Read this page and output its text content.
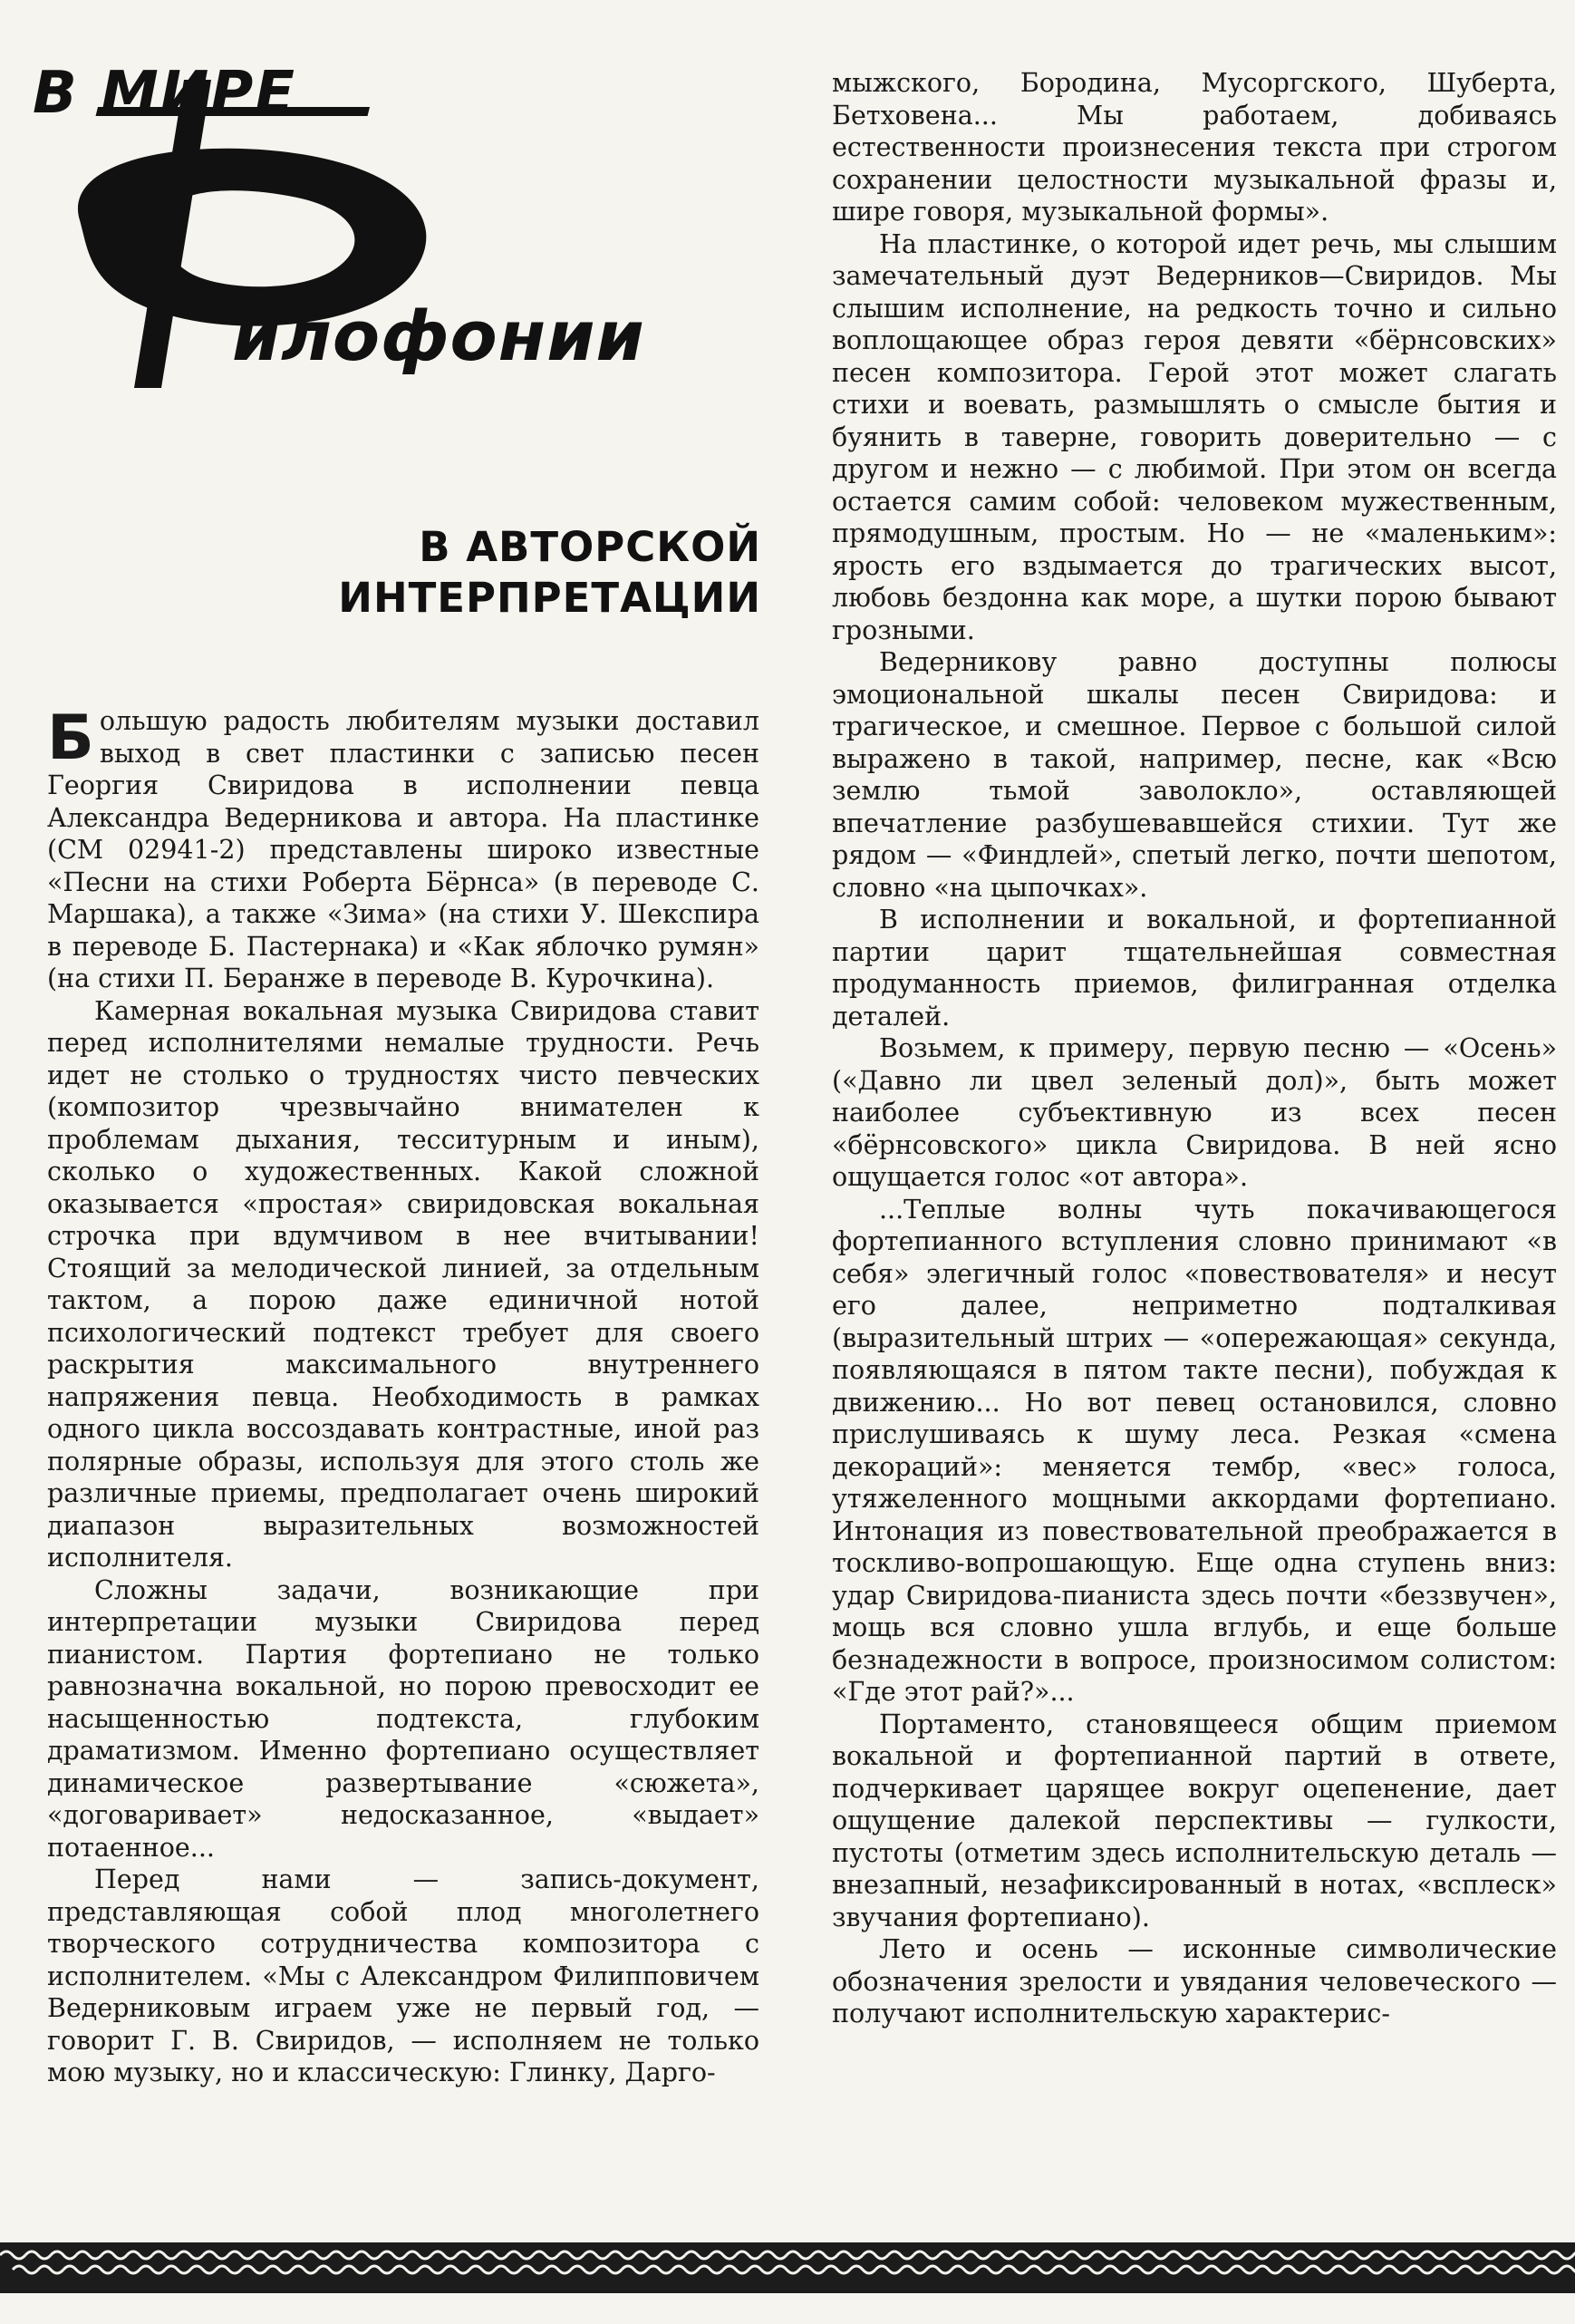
В МИРЕ
илофонии
В АВТОРСКОЙ
ИНТЕРПРЕТАЦИИ

Большую радость любителям музыки доставил выход в свет пластинки с записью песен Георгия Свиридова в исполнении певца Александра Ведерникова и автора. На пластинке (СМ 02941-2) представлены широко известные «Песни на стихи Роберта Бёрнса» (в переводе С. Маршака), а также «Зима» (на стихи У. Шекспира в переводе Б. Пастернака) и «Как яблочко румян» (на стихи П. Беранже в переводе В. Курочкина).

Камерная вокальная музыка Свиридова ставит перед исполнителями немалые трудности. Речь идет не столько о трудностях чисто певческих (композитор чрезвычайно внимателен к проблемам дыхания, тесситурным и иным), сколько о художественных. Какой сложной оказывается «простая» свиридовская вокальная строчка при вдумчивом в нее вчитывании! Стоящий за мелодической линией, за отдельным тактом, а порою даже единичной нотой психологический подтекст требует для своего раскрытия максимального внутреннего напряжения певца. Необходимость в рамках одного цикла воссоздавать контрастные, иной раз полярные образы, используя для этого столь же различные приемы, предполагает очень широкий диапазон выразительных возможностей исполнителя.

Сложны задачи, возникающие при интерпретации музыки Свиридова перед пианистом. Партия фортепиано не только равнозначна вокальной, но порою превосходит ее насыщенностью подтекста, глубоким драматизмом. Именно фортепиано осуществляет динамическое развертывание «сюжета», «договаривает» недосказанное, «выдает» потаенное...

Перед нами — запись-документ, представляющая собой плод многолетнего творческого сотрудничества композитора с исполнителем. «Мы с Александром Филипповичем Ведерниковым играем уже не первый год, — говорит Г. В. Свиридов, — исполняем не только мою музыку, но и классическую: Глинку, Дарго-

мыжского, Бородина, Мусоргского, Шуберта, Бетховена... Мы работаем, добиваясь естественности произнесения текста при строгом сохранении целостности музыкальной фразы и, шире говоря, музыкальной формы».

На пластинке, о которой идет речь, мы слышим замечательный дуэт Ведерников—Свиридов. Мы слышим исполнение, на редкость точно и сильно воплощающее образ героя девяти «бёрнсовских» песен композитора. Герой этот может слагать стихи и воевать, размышлять о смысле бытия и буянить в таверне, говорить доверительно — с другом и нежно — с любимой. При этом он всегда остается самим собой: человеком мужественным, прямодушным, простым. Но — не «маленьким»: ярость его вздымается до трагических высот, любовь бездонна как море, а шутки порою бывают грозными.

Ведерникову равно доступны полюсы эмоциональной шкалы песен Свиридова: и трагическое, и смешное. Первое с большой силой выражено в такой, например, песне, как «Всю землю тьмой заволокло», оставляющей впечатление разбушевавшейся стихии. Тут же рядом — «Финдлей», спетый легко, почти шепотом, словно «на цыпочках».

В исполнении и вокальной, и фортепианной партии царит тщательнейшая совместная продуманность приемов, филигранная отделка деталей.

Возьмем, к примеру, первую песню — «Осень» («Давно ли цвел зеленый дол)», быть может наиболее субъективную из всех песен «бёрнсовского» цикла Свиридова. В ней ясно ощущается голос «от автора».

...Теплые волны чуть покачивающегося фортепианного вступления словно принимают «в себя» элегичный голос «повествователя» и несут его далее, неприметно подталкивая (выразительный штрих — «опережающая» секунда, появляющаяся в пятом такте песни), побуждая к движению... Но вот певец остановился, словно прислушиваясь к шуму леса. Резкая «смена декораций»: меняется тембр, «вес» голоса, утяжеленного мощными аккордами фортепиано. Интонация из повествовательной преображается в тоскливо-вопрошающую. Еще одна ступень вниз: удар Свиридова-пианиста здесь почти «беззвучен», мощь вся словно ушла вглубь, и еще больше безнадежности в вопросе, произносимом солистом: «Где этот рай?»...

Портаменто, становящееся общим приемом вокальной и фортепианной партий в ответе, подчеркивает царящее вокруг оцепенение, дает ощущение далекой перспективы — гулкости, пустоты (отметим здесь исполнительскую деталь — внезапный, незафиксированный в нотах, «всплеск» звучания фортепиано).

Лето и осень — исконные символические обозначения зрелости и увядания человеческого — получают исполнительскую характерис-
